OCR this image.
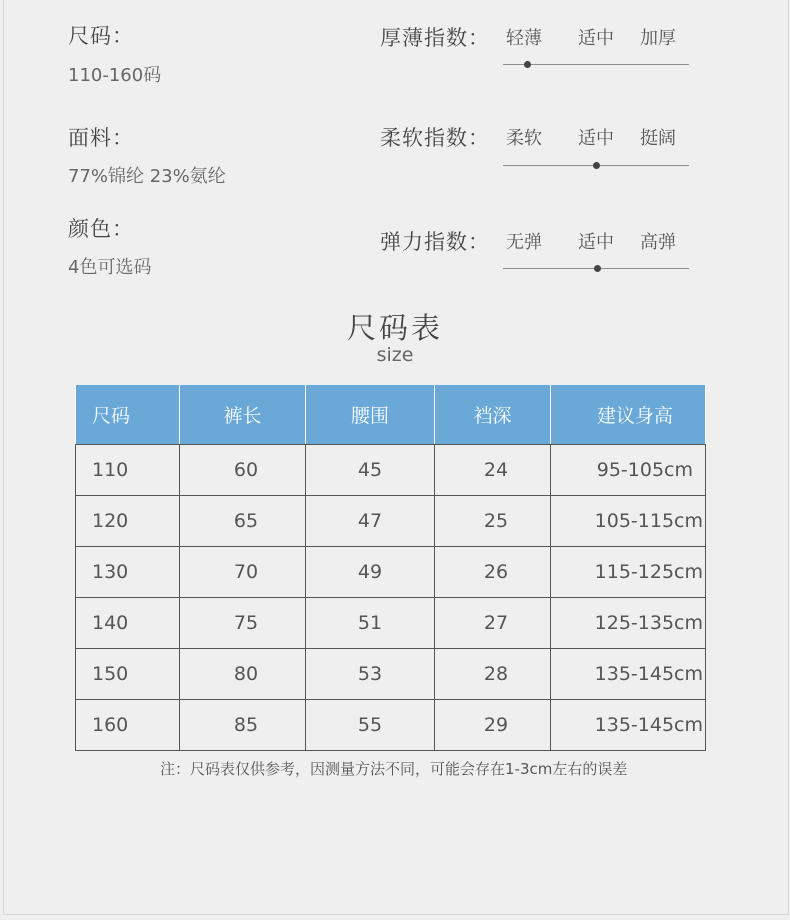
尺码：
110-160码
面料：
77%锦纶 23%氨纶
颜色：
4色可选码
厚薄指数： 轻薄 适中 加厚
柔软指数： 柔软 适中 挺阔
弹力指数： 无弹 适中 高弹
尺码表
size
尺码	裤长	腰围	裆深	建议身高
110	60	45	24	95-105cm
120	65	47	25	105-115cm
130	70	49	26	115-125cm
140	75	51	27	125-135cm
150	80	53	28	135-145cm
160	85	55	29	135-145cm
注：尺码表仅供参考，因测量方法不同，可能会存在1-3cm左右的误差
